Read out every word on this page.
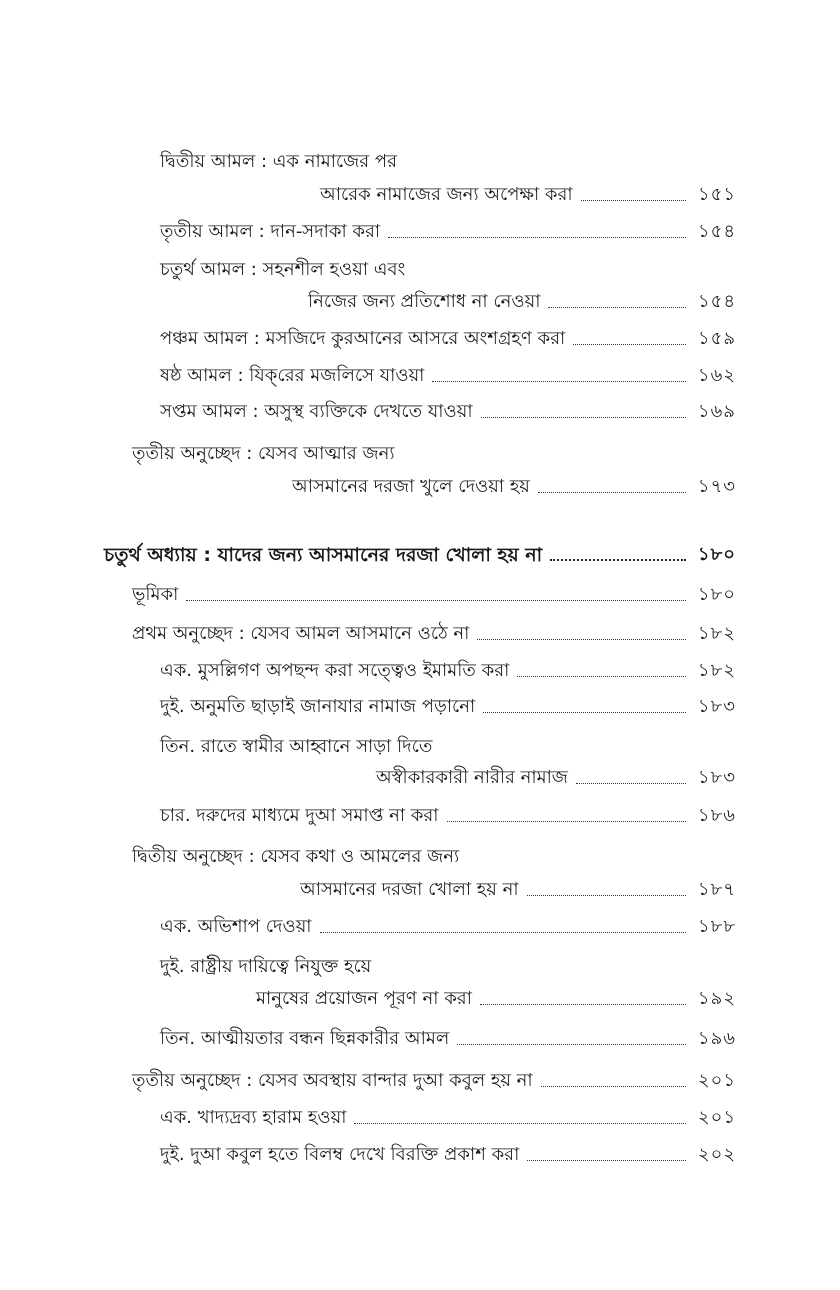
দ্বিতীয় আমল : এক নামাজের পর
আরেক নামাজের জন্য অপেক্ষা করা	১৫১
তৃতীয় আমল : দান-সদাকা করা	১৫৪
চতুর্থ আমল : সহনশীল হওয়া এবং
নিজের জন্য প্রতিশোধ না নেওয়া	১৫৪
পঞ্চম আমল : মসজিদে কুরআনের আসরে অংশগ্রহণ করা	১৫৯
ষষ্ঠ আমল : যিক্‌রের মজলিসে যাওয়া	১৬২
সপ্তম আমল : অসুস্থ ব্যক্তিকে দেখতে যাওয়া	১৬৯
তৃতীয় অনুচ্ছেদ : যেসব আত্মার জন্য
আসমানের দরজা খুলে দেওয়া হয়	১৭৩
চতুর্থ অধ্যায় : যাদের জন্য আসমানের দরজা খোলা হয় না	১৮০
ভূমিকা	১৮০
প্রথম অনুচ্ছেদ : যেসব আমল আসমানে ওঠে না	১৮২
এক. মুসল্লিগণ অপছন্দ করা সত্ত্বেও ইমামতি করা	১৮২
দুই. অনুমতি ছাড়াই জানাযার নামাজ পড়ানো	১৮৩
তিন. রাতে স্বামীর আহ্বানে সাড়া দিতে
অস্বীকারকারী নারীর নামাজ	১৮৩
চার. দরুদের মাধ্যমে দুআ সমাপ্ত না করা	১৮৬
দ্বিতীয় অনুচ্ছেদ : যেসব কথা ও আমলের জন্য
আসমানের দরজা খোলা হয় না	১৮৭
এক. অভিশাপ দেওয়া	১৮৮
দুই. রাষ্ট্রীয় দায়িত্বে নিযুক্ত হয়ে
মানুষের প্রয়োজন পূরণ না করা	১৯২
তিন. আত্মীয়তার বন্ধন ছিন্নকারীর আমল	১৯৬
তৃতীয় অনুচ্ছেদ : যেসব অবস্থায় বান্দার দুআ কবুল হয় না	২০১
এক. খাদ্যদ্রব্য হারাম হওয়া	২০১
দুই. দুআ কবুল হতে বিলম্ব দেখে বিরক্তি প্রকাশ করা	২০২
